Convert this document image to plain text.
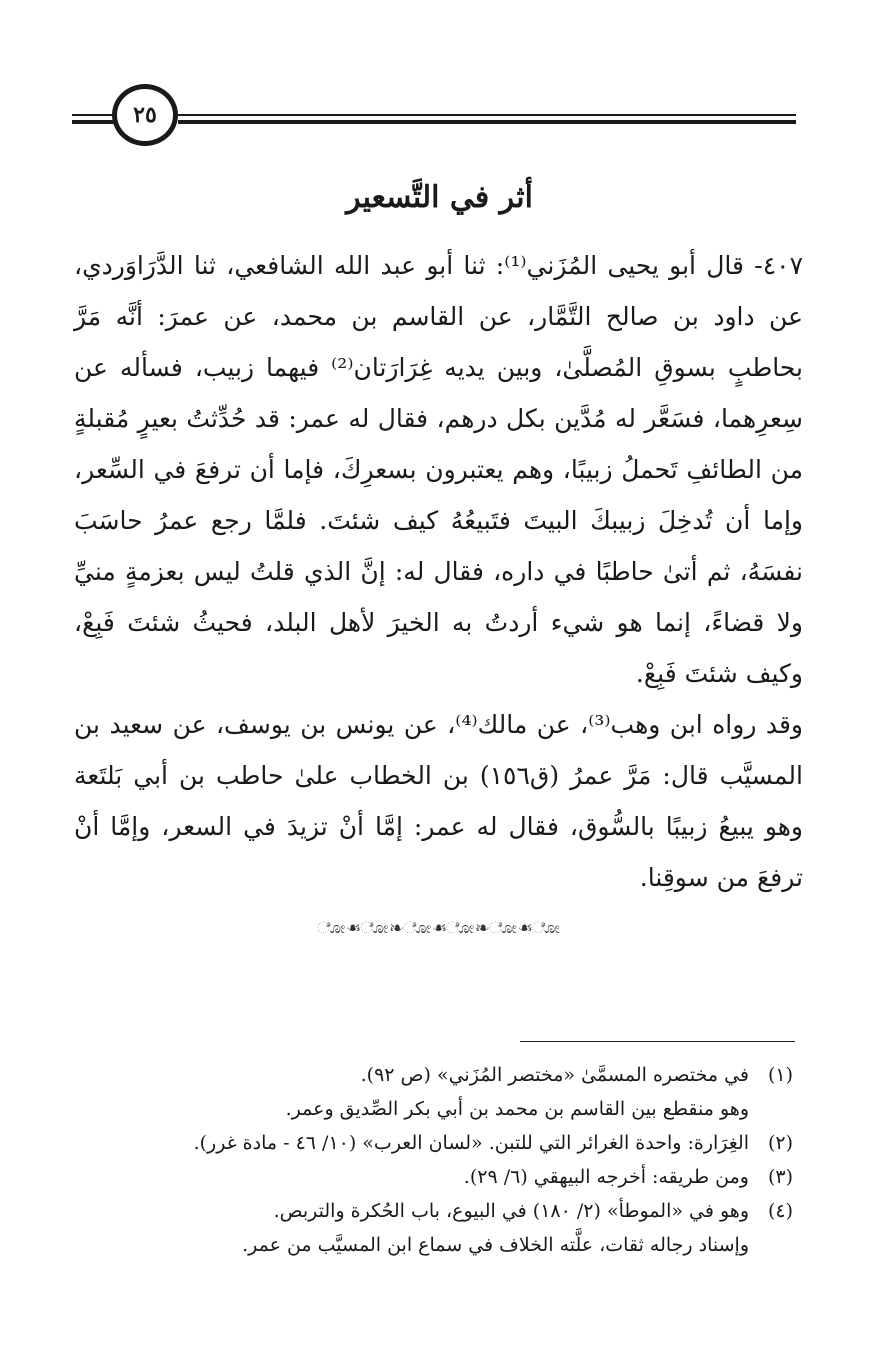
٢٥
أثر في التَّسعير

٤٠٧- قال أبو يحيى المُزَني⁽¹⁾: ثنا أبو عبد الله الشافعي، ثنا الدَّرَاوَردي، عن داود بن صالح التَّمَّار، عن القاسم بن محمد، عن عمرَ: أنَّه مَرَّ بحاطبٍ بسوقِ المُصلَّىٰ، وبين يديه غِرَارَتان⁽²⁾ فيهما زبيب، فسأله عن سِعرِهما، فسَعَّر له مُدَّين بكل درهم، فقال له عمر: قد حُدِّثتُ بعيرٍ مُقبلةٍ من الطائفِ تَحملُ زبيبًا، وهم يعتبرون بسعرِكَ، فإما أن ترفعَ في السِّعر، وإما أن تُدخِلَ زبيبكَ البيتَ فتَبيعُهُ كيف شئتَ. فلمَّا رجع عمرُ حاسَبَ نفسَهُ، ثم أتىٰ حاطبًا في داره، فقال له: إنَّ الذي قلتُ ليس بعزمةٍ منيِّ ولا قضاءً، إنما هو شيء أردتُ به الخيرَ لأهل البلد، فحيثُ شئتَ فَبِعْ، وكيف شئتَ فَبِعْ.

وقد رواه ابن وهب⁽³⁾، عن مالك⁽⁴⁾، عن يونس بن يوسف، عن سعيد بن المسيَّب قال: مَرَّ عمرُ (ق١٥٦) بن الخطاب علىٰ حاطب بن أبي بَلتَعة وهو يبيعُ زبيبًا بالسُّوق، فقال له عمر: إمَّا أنْ تزيدَ في السعر، وإمَّا أنْ ترفعَ من سوقِنا.

ೋ☙ೋ❧ೋ☙ೋ❧ೋ☙ೋ
(١)
في مختصره المسمَّىٰ «مختصر المُزَني» (ص ٩٢).
وهو منقطع بين القاسم بن محمد بن أبي بكر الصِّديق وعمر.
(٢)
الغِرَارة: واحدة الغرائر التي للتبن. «لسان العرب» (١٠/ ٤٦ - مادة غرر).
(٣)
ومن طريقه: أخرجه البيهقي (٦/ ٢٩).
(٤)
وهو في «الموطأ» (٢/ ١٨٠) في البيوع، باب الحُكرة والتربص.
وإسناد رجاله ثقات، علَّته الخلاف في سماع ابن المسيَّب من عمر.
